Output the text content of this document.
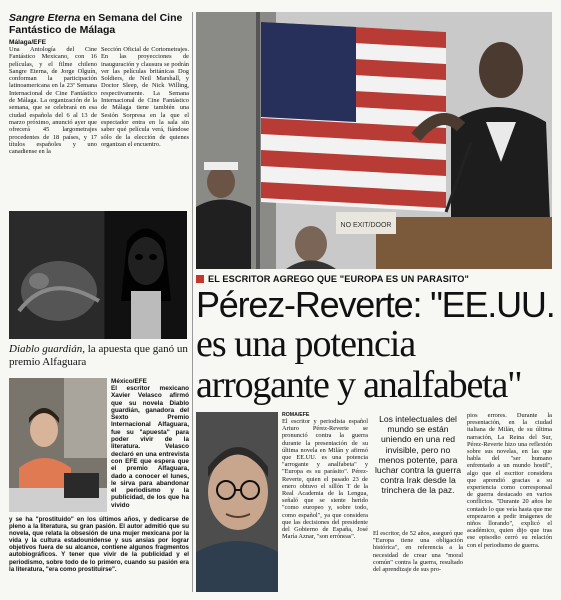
Sangre Eterna en Semana del Cine Fantástico de Málaga
Málaga/EFE
Una Antología del Cine Fantástico Mexicano, con 16 películas, y el filme chileno Sangre Eterna, de Jorge Olguín, conforman la participación latinoamericana en la 23ª Semana Internacional de Cine Fantástico de Málaga. La organización de la semana, que se celebrará en esa ciudad española del 6 al 13 de marzo próximo, anunció ayer que ofrecerá 45 largometrajes procedentes de 18 países, y 17 títulos españoles y uno canadiense en la
Sección Oficial de Cortometrajes. En las proyecciones de inauguración y clausura se podrán ver las películas británicas Dog Soldiers, de Neil Marshall, y Doctor Sleep, de Nick Willing, respectivamente. La Semana Internacional de Cine Fantástico de Málaga tiene también una Sesión Sorpresa en la que el espectador entra en la sala sin saber qué película verá, fiándose sólo de la elección de quienes organizan el encuentro.
Diablo guardián, la apuesta que ganó un premio Alfaguara
México/EFE
El escritor mexicano Xavier Velasco afirmó que su novela Diablo guardián, ganadora del Sexto Premio Internacional Alfaguara, fue su "apuesta" para poder vivir de la literatura. Velasco declaró en una entrevista con EFE que espera que el premio Alfaguara, dado a conocer el lunes, le sirva para abandonar el periodismo y la publicidad, de los que ha vivido
y se ha "prostituido" en los últimos años, y dedicarse de pleno a la literatura, su gran pasión. El autor admitió que su novela, que relata la obsesión de una mujer mexicana por la vida y la cultura estadounidense y sus ansias por lograr objetivos fuera de su alcance, contiene algunos fragmentos autobiográficos. Y tener que vivir de la publicidad y el periodismo, sobre todo de lo primero, cuando su pasión era la literatura, "era como prostituirse".
NO EXIT/DOOR
EL ESCRITOR AGREGO QUE "EUROPA ES UN PARASITO"
Pérez-Reverte: "EE.UU.
es una potencia
arrogante y analfabeta"
ROMA/EFE
El escritor y periodista español Arturo Pérez-Reverte se pronunció contra la guerra durante la presentación de su última novela en Milán y afirmó que EE.UU. es una potencia "arrogante y analfabeta" y "Europa es su parásito". Pérez-Reverte, quien el pasado 23 de enero obtuvo el sillón T de la Real Academia de la Lengua, señaló que se siente herido "como europeo y, sobre todo, como español", ya que considera que las decisiones del presidente del Gobierno de España, José María Aznar, "son erróneas".
Los intelectuales del mundo se están uniendo en una red invisible, pero no menos potente, para luchar contra la guerra contra Irak desde la trinchera de la paz.
El escritor, de 52 años, aseguró que "Europa tiene una obligación histórica", en referencia a la necesidad de crear una "moral común" contra la guerra, resultado del aprendizaje de sus pro-
pios errores. Durante la presentación, en la ciudad italiana de Milán, de su última narración, La Reina del Sur, Pérez-Reverte hizo una reflexión sobre sus novelas, en las que habla del "ser humano enfrentado a un mundo hostil", algo que el escritor considera que aprendió gracias a su experiencia como corresponsal de guerra destacado en varios conflictos. "Durante 20 años he contado lo que veía hasta que me empezaron a pedir imágenes de niños llorando", explicó el académico, quien dijo que tras ese episodio cerró su relación con el periodismo de guerra.
